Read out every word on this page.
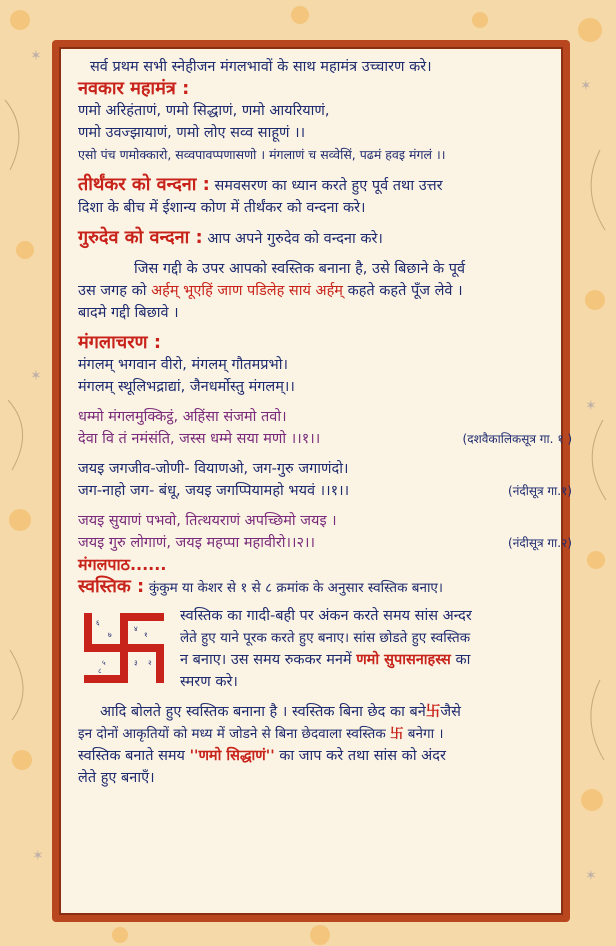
✶
✶
✶
✶
✶
✶
सर्व प्रथम सभी स्नेहीजन मंगलभावों के साथ महामंत्र उच्चारण करे।
नवकार महामंत्र :
णमो अरिहंताणं, णमो सिद्धाणं, णमो आयरियाणं,
णमो उवज्झायाणं, णमो लोए सव्व साहूणं ।।
एसो पंच णमोक्कारो, सव्वपावप्पणासणो । मंगलाणं च सव्वेसिं, पढमं हवइ मंगलं ।।
तीर्थंकर को वन्दना : समवसरण का ध्यान करते हुए पूर्व तथा उत्तर
दिशा के बीच में ईशान्य कोण में तीर्थंकर को वन्दना करे।
गुरुदेव को वन्दना : आप अपने गुरुदेव को वन्दना करे।
जिस गद्दी के उपर आपको स्वस्तिक बनाना है, उसे बिछाने के पूर्व
उस जगह को अर्हम् भूएहिं जाण पडिलेह सायं अर्हम् कहते कहते पूँज लेवे ।
बादमे गद्दी बिछावे ।
मंगलाचरण :
मंगलम् भगवान वीरो, मंगलम् गौतमप्रभो।
मंगलम् स्थूलिभद्राद्यां, जैनधर्मोस्तु मंगलम्।।
धम्मो मंगलमुक्किट्ठं, अहिंसा संजमो तवो।
देवा वि तं नमंसंति, जस्स धम्मे सया मणो ।।१।।	(दशवैकालिकसूत्र गा. १ )
जयइ जगजीव-जोणी- वियाणओ, जग-गुरु जगाणंदो।
जग-नाहो जग- बंधू, जयइ जगप्पियामहो भयवं ।।१।।	(नंदीसूत्र गा.१)
जयइ सुयाणं पभवो, तित्थयराणं अपच्छिमो जयइ ।
जयइ गुरु लोगाणं, जयइ महप्पा महावीरो।।२।।	(नंदीसूत्र गा.२)
मंगलपाठ......
स्वस्तिक : कुंकुम या केशर से १ से ८ क्रमांक के अनुसार स्वस्तिक बनाए।
६
४
२
५	३
७
८
१
स्वस्तिक का गादी-बही पर अंकन करते समय सांस अन्दर
लेते हुए याने पूरक करते हुए बनाए। सांस छोडते हुए स्वस्तिक
न बनाए। उस समय रुककर मनमें णमो सुपासनाहस्स का
स्मरण करे।
आदि बोलते हुए स्वस्तिक बनाना है । स्वस्तिक बिना छेद का बने卐जैसे
इन दोनों आकृतियों को मध्य में जोडने से बिना छेदवाला स्वस्तिक 卐 बनेगा ।
स्वस्तिक बनाते समय ''णमो सिद्धाणं'' का जाप करे तथा सांस को अंदर
लेते हुए बनाएँ।
